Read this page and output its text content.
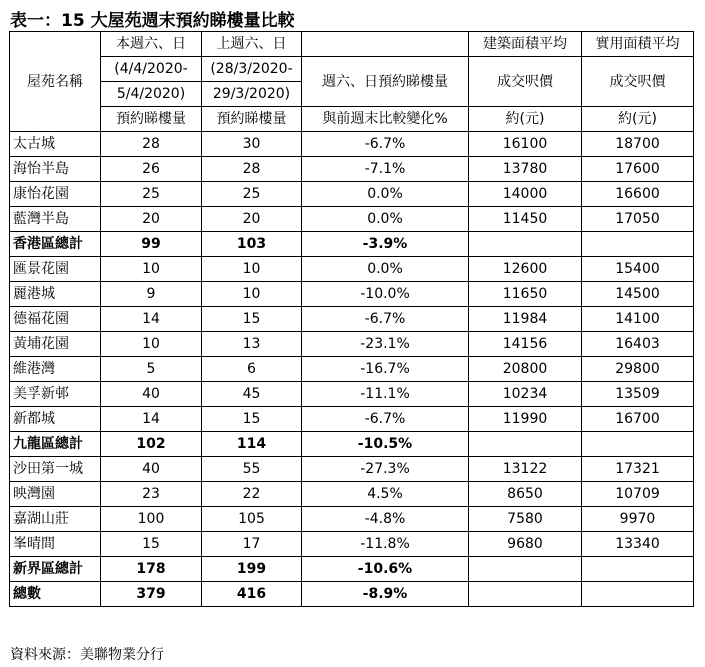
表一：15 大屋苑週末預約睇樓量比較
屋苑名稱	本週六、日	上週六、日		建築面積平均	實用面積平均
	(4/4/2020-	(28/3/2020-	週六、日預約睇樓量	成交呎價	成交呎價
	5/4/2020)	29/3/2020)			
	預約睇樓量	預約睇樓量	與前週末比較變化%	約(元)	約(元)
太古城	28	30	-6.7%	16100	18700
海怡半島	26	28	-7.1%	13780	17600
康怡花園	25	25	0.0%	14000	16600
藍灣半島	20	20	0.0%	11450	17050
香港區總計	99	103	-3.9%		
匯景花園	10	10	0.0%	12600	15400
麗港城	9	10	-10.0%	11650	14500
德福花園	14	15	-6.7%	11984	14100
黃埔花園	10	13	-23.1%	14156	16403
維港灣	5	6	-16.7%	20800	29800
美孚新邨	40	45	-11.1%	10234	13509
新都城	14	15	-6.7%	11990	16700
九龍區總計	102	114	-10.5%		
沙田第一城	40	55	-27.3%	13122	17321
映灣園	23	22	4.5%	8650	10709
嘉湖山莊	100	105	-4.8%	7580	9970
峯晴間	15	17	-11.8%	9680	13340
新界區總計	178	199	-10.6%		
總數	379	416	-8.9%		
資料來源：美聯物業分行
